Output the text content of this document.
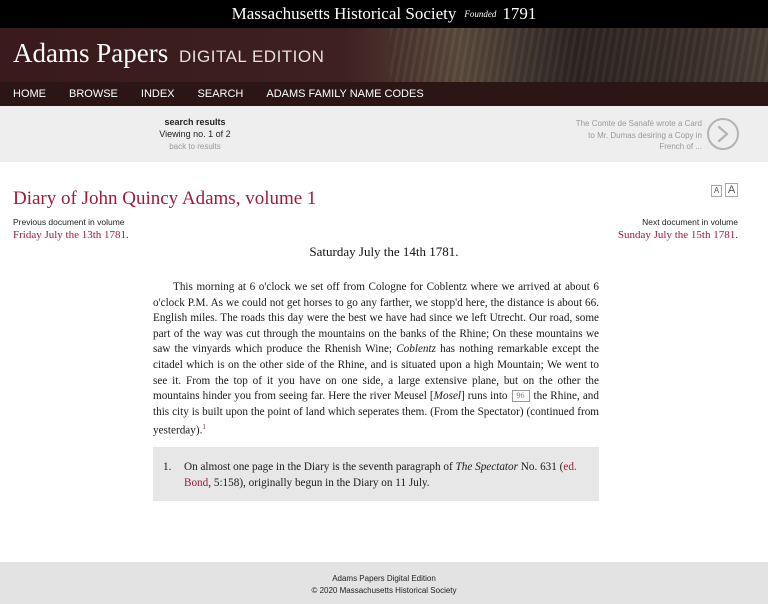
Massachusetts Historical Society Founded 1791
Adams Papers DIGITAL EDITION
HOME BROWSE INDEX SEARCH ADAMS FAMILY NAME CODES
search results
Viewing no. 1 of 2
back to results
The Comte de Sanafé wrote a Card
to Mr. Dumas desiring a Copy in
French of ...
Diary of John Quincy Adams, volume 1	A A
Previous document in volume
Friday July the 13th 1781.
Next document in volume
Sunday July the 15th 1781.
Saturday July the 14th 1781.
This morning at 6 o'clock we set off from Cologne for Coblentz where we arrived at about 6 o'clock P.M. As we could not get horses to go any farther, we stopp'd here, the distance is about 66. English miles. The roads this day were the best we have had since we left Utrecht. Our road, some part of the way was cut through the mountains on the banks of the Rhine; On these mountains we saw the vinyards which produce the Rhenish Wine; Coblentz has nothing remarkable except the citadel which is on the other side of the Rhine, and is situated upon a high Mountain; We went to see it. From the top of it you have on one side, a large extensive plane, but on the other the mountains hinder you from seeing far. Here the river Meusel [Mosel] runs into 96 the Rhine, and this city is built upon the point of land which seperates them. (From the Spectator) (continued from yesterday).$^1$
1. On almost one page in the Diary is the seventh paragraph of The Spectator No. 631 (ed. Bond, 5:158), originally begun in the Diary on 11 July.
Adams Papers Digital Edition
© 2020 Massachusetts Historical Society
